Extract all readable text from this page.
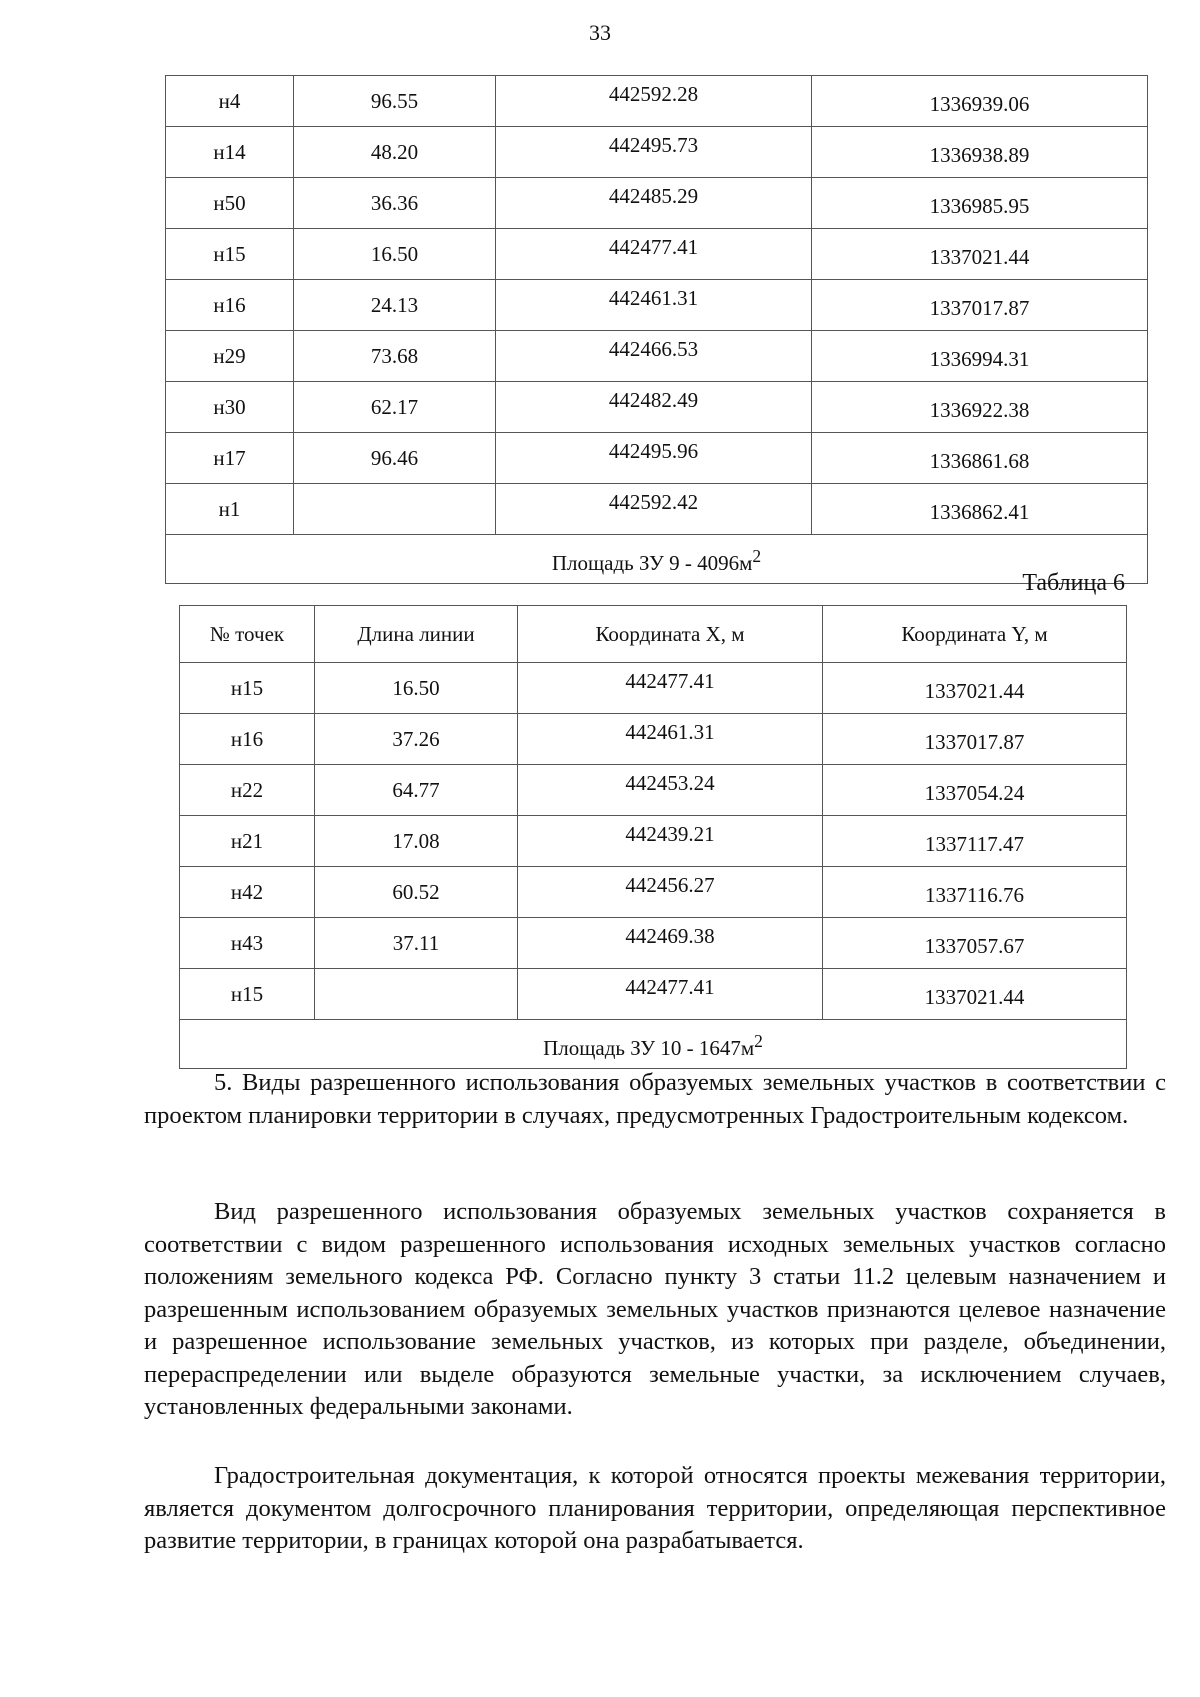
33
н4	96.55	442592.28	1336939.06
н14	48.20	442495.73	1336938.89
н50	36.36	442485.29	1336985.95
н15	16.50	442477.41	1337021.44
н16	24.13	442461.31	1337017.87
н29	73.68	442466.53	1336994.31
н30	62.17	442482.49	1336922.38
н17	96.46	442495.96	1336861.68
н1		442592.42	1336862.41
Площадь ЗУ $9 - 4096м^2$
Таблица 6
№ точек	Длина линии	Координата X, м	Координата Y, м
н15	16.50	442477.41	1337021.44
н16	37.26	442461.31	1337017.87
н22	64.77	442453.24	1337054.24
н21	17.08	442439.21	1337117.47
н42	60.52	442456.27	1337116.76
н43	37.11	442469.38	1337057.67
н15		442477.41	1337021.44
Площадь ЗУ $10 - 1647м^2$

5. Виды разрешенного использования образуемых земельных участков в соответствии с проектом планировки территории в случаях, предусмотренных Градостроительным кодексом.

Вид разрешенного использования образуемых земельных участков сохраняется в соответствии с видом разрешенного использования исходных земельных участков согласно положениям земельного кодекса РФ. Согласно пункту 3 статьи 11.2 целевым назначением и разрешенным использованием образуемых земельных участков признаются целевое назначение и разрешенное использование земельных участков, из которых при разделе, объединении, перераспределении или выделе образуются земельные участки, за исключением случаев, установленных федеральными законами.

Градостроительная документация, к которой относятся проекты межевания территории, является документом долгосрочного планирования территории, определяющая перспективное развитие территории, в границах которой она разрабатывается.
